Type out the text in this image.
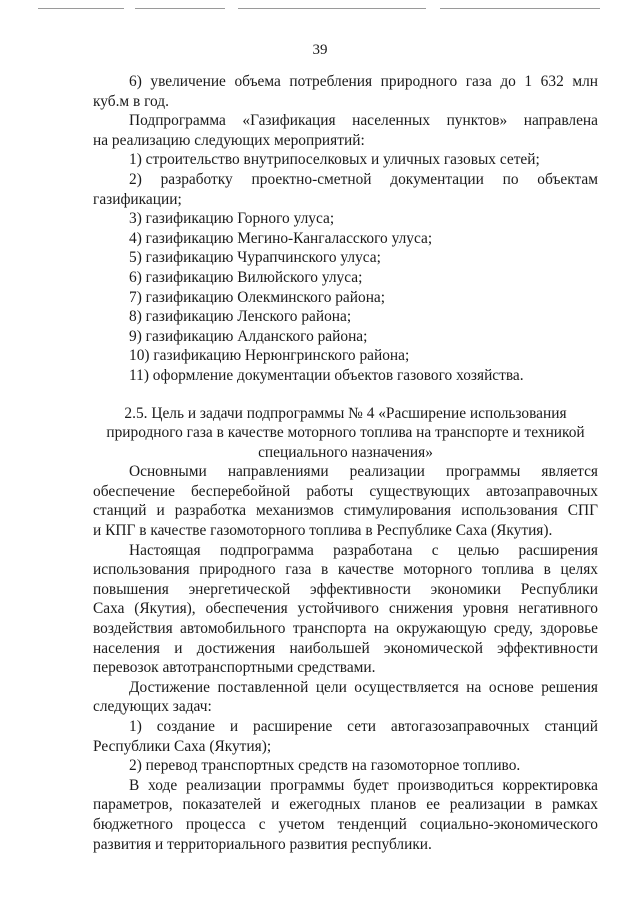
39

6) увеличение объема потребления природного газа до 1 632 млн

куб.м в год.

Подпрограмма «Газификация населенных пунктов» направлена

на реализацию следующих мероприятий:

1) строительство внутрипоселковых и уличных газовых сетей;

2) разработку проектно-сметной документации по объектам

газификации;

3) газификацию Горного улуса;

4) газификацию Мегино-Кангаласского улуса;

5) газификацию Чурапчинского улуса;

6) газификацию Вилюйского улуса;

7) газификацию Олекминского района;

8) газификацию Ленского района;

9) газификацию Алданского района;

10) газификацию Нерюнгринского района;

11) оформление документации объектов газового хозяйства.

2.5. Цель и задачи подпрограммы № 4 «Расширение использования

природного газа в качестве моторного топлива на транспорте и техникой

специального назначения»

Основными направлениями реализации программы является

обеспечение бесперебойной работы существующих автозаправочных

станций и разработка механизмов стимулирования использования СПГ

и КПГ в качестве газомоторного топлива в Республике Саха (Якутия).

Настоящая подпрограмма разработана с целью расширения

использования природного газа в качестве моторного топлива в целях

повышения энергетической эффективности экономики Республики

Саха (Якутия), обеспечения устойчивого снижения уровня негативного

воздействия автомобильного транспорта на окружающую среду, здоровье

населения и достижения наибольшей экономической эффективности

перевозок автотранспортными средствами.

Достижение поставленной цели осуществляется на основе решения

следующих задач:

1) создание и расширение сети автогазозаправочных станций

Республики Саха (Якутия);

2) перевод транспортных средств на газомоторное топливо.

В ходе реализации программы будет производиться корректировка

параметров, показателей и ежегодных планов ее реализации в рамках

бюджетного процесса с учетом тенденций социально-экономического

развития и территориального развития республики.
